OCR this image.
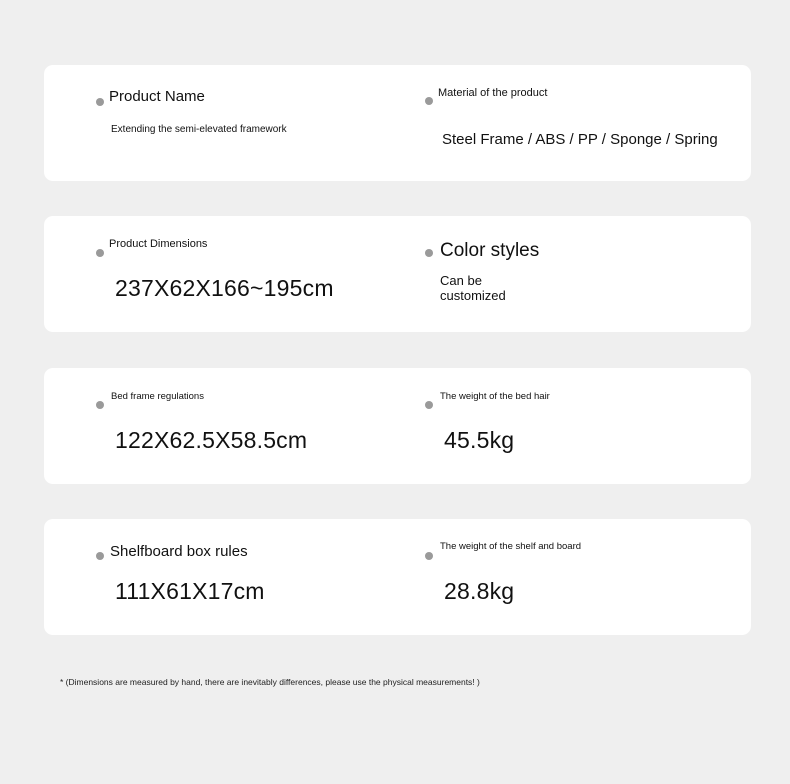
Product Name
Extending the semi-elevated framework
Material of the product
Steel Frame / ABS / PP / Sponge / Spring
Product Dimensions
237X62X166~195cm
Color styles
Can be customized
Bed frame regulations
122X62.5X58.5cm
The weight of the bed hair
45.5kg
Shelfboard box rules
111X61X17cm
The weight of the shelf and board
28.8kg
* (Dimensions are measured by hand, there are inevitably differences, please use the physical measurements! )
